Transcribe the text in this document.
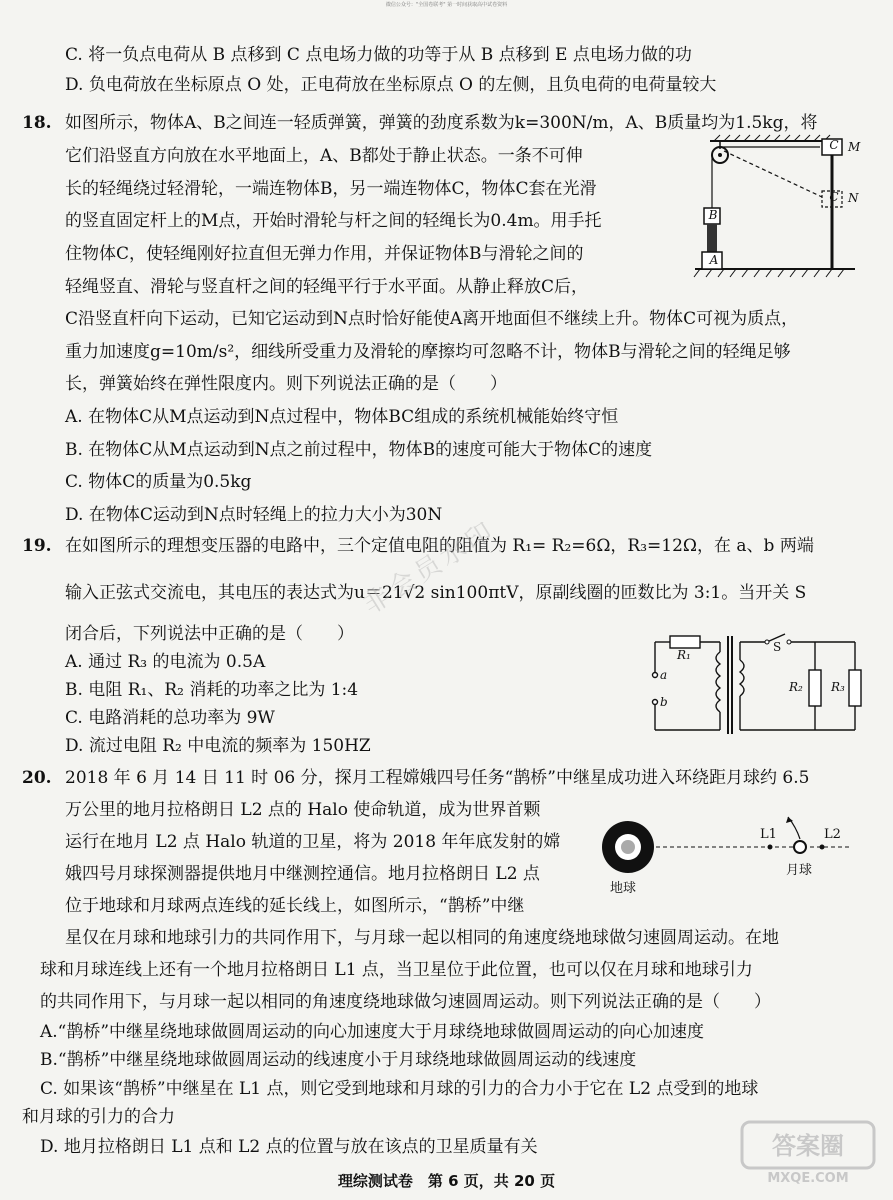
微信公众号："全国卷联考" 第一时间获取高中试卷资料
C. 将一负点电荷从 B 点移到 C 点电场力做的功等于从 B 点移到 E 点电场力做的功
D. 负电荷放在坐标原点 O 处，正电荷放在坐标原点 O 的左侧，且负电荷的电荷量较大
18. 如图所示，物体A、B之间连一轻质弹簧，弹簧的劲度系数为k=300N/m，A、B质量均为1.5kg，将
它们沿竖直方向放在水平地面上，A、B都处于静止状态。一条不可伸
长的轻绳绕过轻滑轮，一端连物体B，另一端连物体C，物体C套在光滑
的竖直固定杆上的M点，开始时滑轮与杆之间的轻绳长为0.4m。用手托
住物体C，使轻绳刚好拉直但无弹力作用，并保证物体B与滑轮之间的
轻绳竖直、滑轮与竖直杆之间的轻绳平行于水平面。从静止释放C后，
C沿竖直杆向下运动，已知它运动到N点时恰好能使A离开地面但不继续上升。物体C可视为质点，
重力加速度g=10m/s²，细线所受重力及滑轮的摩擦均可忽略不计，物体B与滑轮之间的轻绳足够
长，弹簧始终在弹性限度内。则下列说法正确的是（　　）
A. 在物体C从M点运动到N点过程中，物体BC组成的系统机械能始终守恒
B. 在物体C从M点运动到N点之前过程中，物体B的速度可能大于物体C的速度
C. 物体C的质量为0.5kg
D. 在物体C运动到N点时轻绳上的拉力大小为30N
B
A
C
C
M
N
19. 在如图所示的理想变压器的电路中，三个定值电阻的阻值为 R₁= R₂=6Ω，R₃=12Ω，在 a、b 两端
输入正弦式交流电，其电压的表达式为u＝21√2 sin100πtV，原副线圈的匝数比为 3:1。当开关 S
闭合后，下列说法中正确的是（　　）
A. 通过 R₃ 的电流为 0.5A
B. 电阻 R₁、R₂ 消耗的功率之比为 1:4
C. 电路消耗的总功率为 9W
D. 流过电阻 R₂ 中电流的频率为 150HZ
非会员水印
R₁
S
R₂ R₃
a
b
20. 2018 年 6 月 14 日 11 时 06 分，探月工程嫦娥四号任务“鹊桥”中继星成功进入环绕距月球约 6.5
万公里的地月拉格朗日 L2 点的 Halo 使命轨道，成为世界首颗
运行在地月 L2 点 Halo 轨道的卫星，将为 2018 年年底发射的嫦
娥四号月球探测器提供地月中继测控通信。地月拉格朗日 L2 点
位于地球和月球两点连线的延长线上，如图所示，“鹊桥”中继
星仅在月球和地球引力的共同作用下，与月球一起以相同的角速度绕地球做匀速圆周运动。在地
球和月球连线上还有一个地月拉格朗日 L1 点，当卫星位于此位置，也可以仅在月球和地球引力
的共同作用下，与月球一起以相同的角速度绕地球做匀速圆周运动。则下列说法正确的是（　　）
A.“鹊桥”中继星绕地球做圆周运动的向心加速度大于月球绕地球做圆周运动的向心加速度
B.“鹊桥”中继星绕地球做圆周运动的线速度小于月球绕地球做圆周运动的线速度
C. 如果该“鹊桥”中继星在 L1 点，则它受到地球和月球的引力的合力小于它在 L2 点受到的地球
和月球的引力的合力
D. 地月拉格朗日 L1 点和 L2 点的位置与放在该点的卫星质量有关
地球
月球
L1	L2
理综测试卷　第 6 页，共 20 页
答案圈
MXQE.COM
